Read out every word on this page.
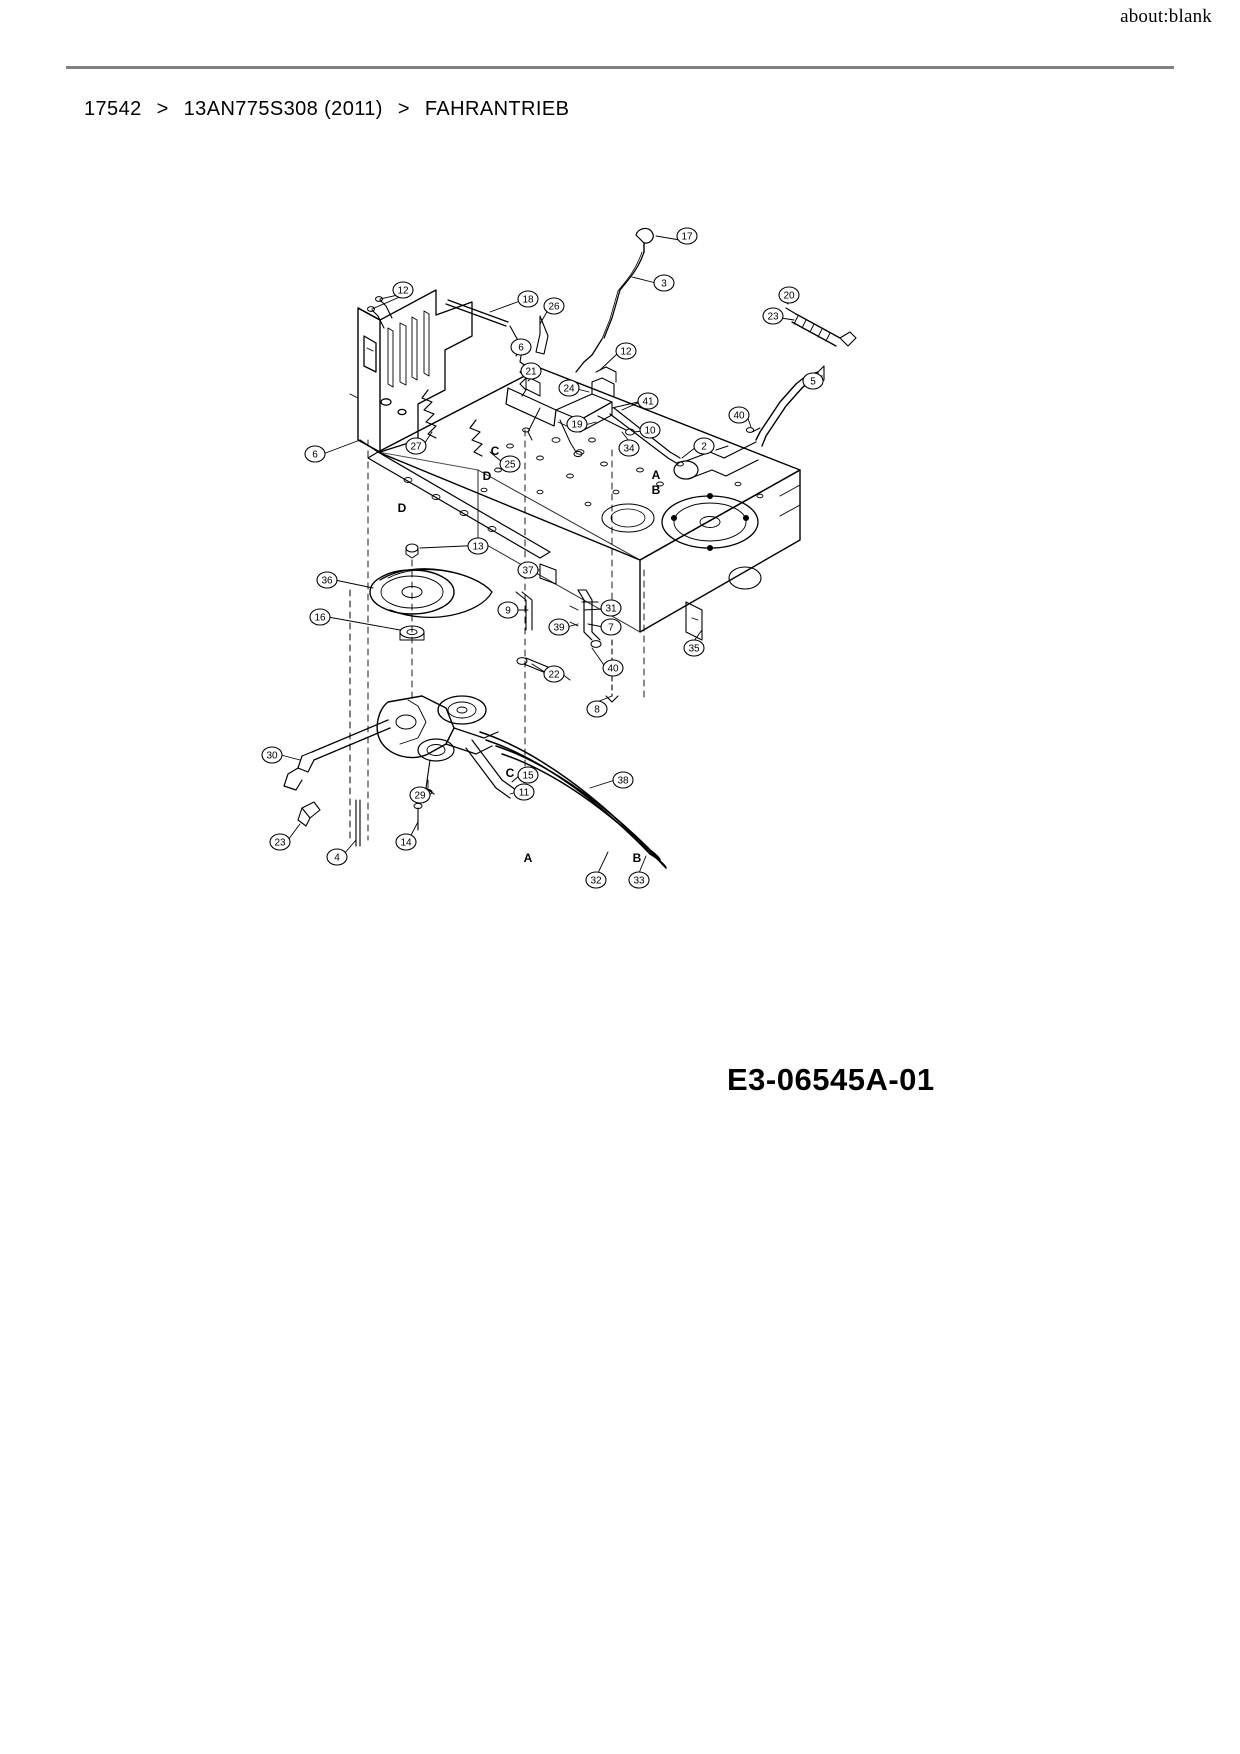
about:blank
17542 > 13AN775S308 (2011) > FAHRANTRIEB
17
3
12
18
26
20
23
6	12
21
24
41
5
40
19
10
34	2
27
6
25
13
37
36
16
9	31
7
39
35
40
22
8
30
15
29	11
38
14
23
4
32	33
A
B
C
D
D
C
A	B
E3-06545A-01
